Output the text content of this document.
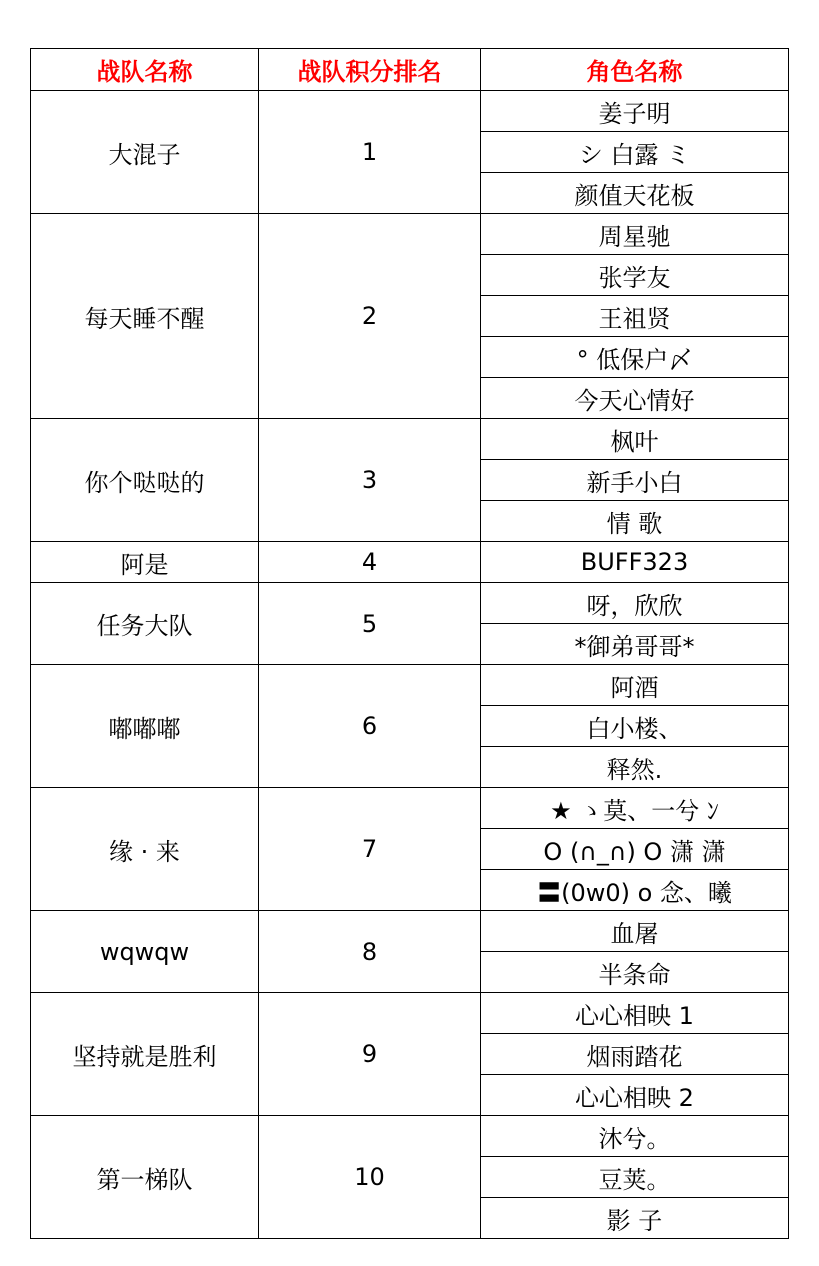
战队名称	战队积分排名	角色名称
大混子	1	姜子明
		シ 白露 ミ
		颜值天花板
每天睡不醒	2	周星驰
		张学友
		王祖贤
		° 低保户〆
		今天心情好
你个哒哒的	3	枫叶
		新手小白
		情 歌
阿是	4	BUFF323
任务大队	5	呀，欣欣
		*御弟哥哥*
嘟嘟嘟	6	阿酒
		白小楼、
		释然.
缘 · 来	7	★ ゝ莫、一兮 ﾝ
		O (∩_∩) O 潇 潇
		〓(0w0) o 念、曦
wqwqw	8	血屠
		半条命
坚持就是胜利	9	心心相映 1
		烟雨踏花
		心心相映 2
第一梯队	10	沐兮。
		豆荚。
		影 子
